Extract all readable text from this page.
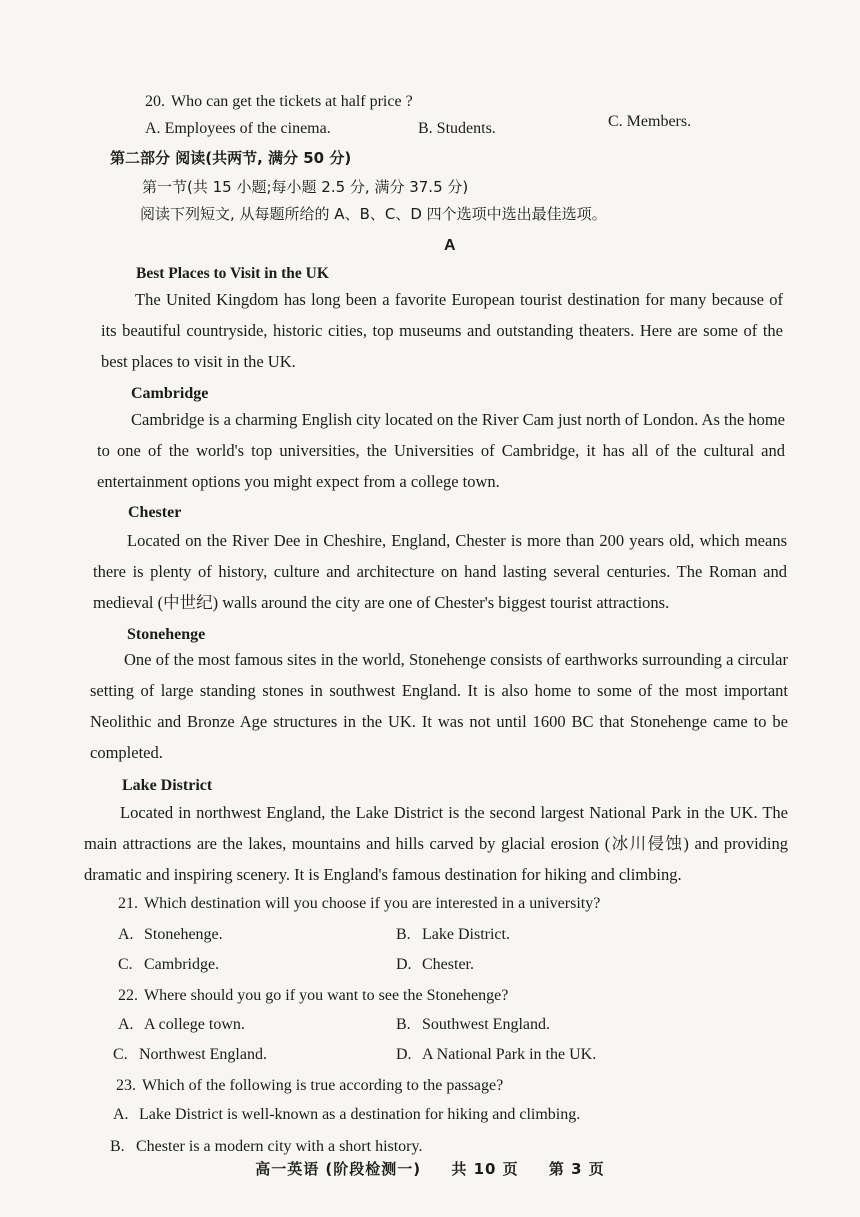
20. Who can get the tickets at half price ?
A. Employees of the cinema.	B. Students.	C. Members.
第二部分 阅读(共两节, 满分 50 分)
第一节(共 15 小题;每小题 2.5 分, 满分 37.5 分)
阅读下列短文, 从每题所给的 A、B、C、D 四个选项中选出最佳选项。
A
Best Places to Visit in the UK
The United Kingdom has long been a favorite European tourist destination for many because of its beautiful countryside, historic cities, top museums and outstanding theaters. Here are some of the best places to visit in the UK.
Cambridge
Cambridge is a charming English city located on the River Cam just north of London. As the home to one of the world's top universities, the Universities of Cambridge, it has all of the cultural and entertainment options you might expect from a college town.
Chester
Located on the River Dee in Cheshire, England, Chester is more than 200 years old, which means there is plenty of history, culture and architecture on hand lasting several centuries. The Roman and medieval (中世纪) walls around the city are one of Chester's biggest tourist attractions.
Stonehenge
One of the most famous sites in the world, Stonehenge consists of earthworks surrounding a circular setting of large standing stones in southwest England. It is also home to some of the most important Neolithic and Bronze Age structures in the UK. It was not until 1600 BC that Stonehenge came to be completed.
Lake District
Located in northwest England, the Lake District is the second largest National Park in the UK. The main attractions are the lakes, mountains and hills carved by glacial erosion (冰川侵蚀) and providing dramatic and inspiring scenery. It is England's famous destination for hiking and climbing.
21. Which destination will you choose if you are interested in a university?
A. Stonehenge.	B. Lake District.
C. Cambridge.	D. Chester.
22. Where should you go if you want to see the Stonehenge?
A. A college town.	B. Southwest England.
C. Northwest England.	D. A National Park in the UK.
23. Which of the following is true according to the passage?
A. Lake District is well-known as a destination for hiking and climbing.
B. Chester is a modern city with a short history.
高一英语 (阶段检测一) 共 10 页 第 3 页
